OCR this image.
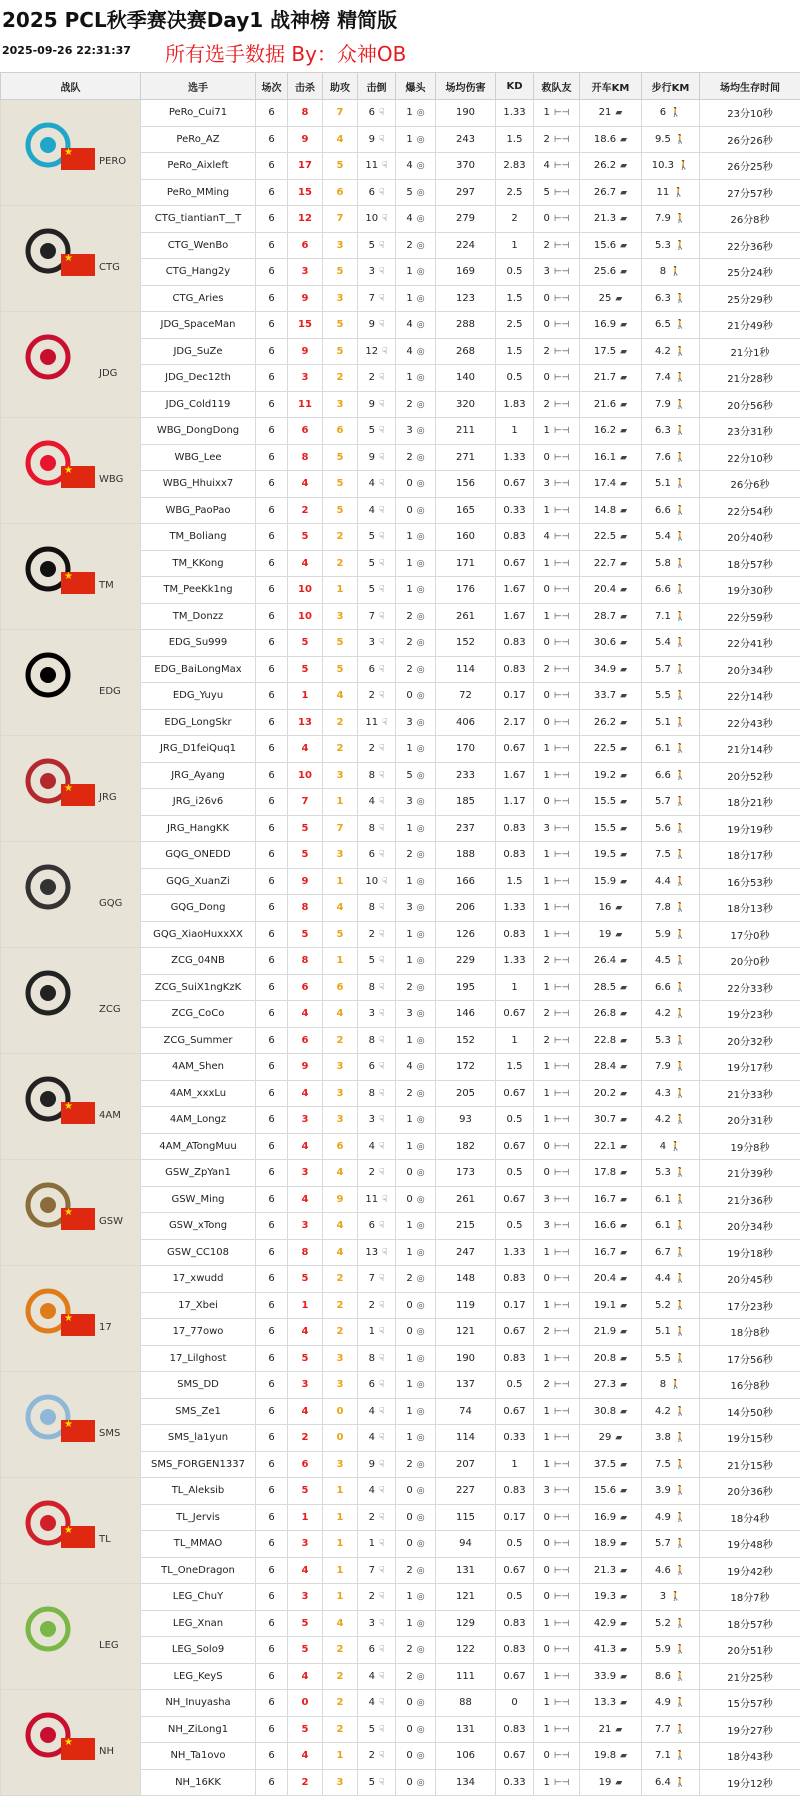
2025 PCL秋季赛决赛Day1 战神榜 精简版
2025-09-26 22:31:37 所有选手数据 By：众神OB
战队	选手	场次	击杀	助攻	击倒	爆头	场均伤害	KD	救队友	开车KM	步行KM	场均生存时间

★
PERO	PeRo_Cui71	6	8	7	6 ☟	1 ◎	190	1.33	1 ⊢⊣	21 ▰	6 🚶	23分10秒
	PeRo_AZ	6	9	4	9 ☟	1 ◎	243	1.5	2 ⊢⊣	18.6 ▰	9.5 🚶	26分26秒
	PeRo_Aixleft	6	17	5	11 ☟	4 ◎	370	2.83	4 ⊢⊣	26.2 ▰	10.3 🚶	26分25秒
	PeRo_MMing	6	15	6	6 ☟	5 ◎	297	2.5	5 ⊢⊣	26.7 ▰	11 🚶	27分57秒

★
CTG	CTG_tiantianT__T	6	12	7	10 ☟	4 ◎	279	2	0 ⊢⊣	21.3 ▰	7.9 🚶	26分8秒
	CTG_WenBo	6	6	3	5 ☟	2 ◎	224	1	2 ⊢⊣	15.6 ▰	5.3 🚶	22分36秒
	CTG_Hang2y	6	3	5	3 ☟	1 ◎	169	0.5	3 ⊢⊣	25.6 ▰	8 🚶	25分24秒
	CTG_Aries	6	9	3	7 ☟	1 ◎	123	1.5	0 ⊢⊣	25 ▰	6.3 🚶	25分29秒

JDG	JDG_SpaceMan	6	15	5	9 ☟	4 ◎	288	2.5	0 ⊢⊣	16.9 ▰	6.5 🚶	21分49秒
	JDG_SuZe	6	9	5	12 ☟	4 ◎	268	1.5	2 ⊢⊣	17.5 ▰	4.2 🚶	21分1秒
	JDG_Dec12th	6	3	2	2 ☟	1 ◎	140	0.5	0 ⊢⊣	21.7 ▰	7.4 🚶	21分28秒
	JDG_Cold119	6	11	3	9 ☟	2 ◎	320	1.83	2 ⊢⊣	21.6 ▰	7.9 🚶	20分56秒

★
WBG	WBG_DongDong	6	6	6	5 ☟	3 ◎	211	1	1 ⊢⊣	16.2 ▰	6.3 🚶	23分31秒
	WBG_Lee	6	8	5	9 ☟	2 ◎	271	1.33	0 ⊢⊣	16.1 ▰	7.6 🚶	22分10秒
	WBG_Hhuixx7	6	4	5	4 ☟	0 ◎	156	0.67	3 ⊢⊣	17.4 ▰	5.1 🚶	26分6秒
	WBG_PaoPao	6	2	5	4 ☟	0 ◎	165	0.33	1 ⊢⊣	14.8 ▰	6.6 🚶	22分54秒

★
TM	TM_Boliang	6	5	2	5 ☟	1 ◎	160	0.83	4 ⊢⊣	22.5 ▰	5.4 🚶	20分40秒
	TM_KKong	6	4	2	5 ☟	1 ◎	171	0.67	1 ⊢⊣	22.7 ▰	5.8 🚶	18分57秒
	TM_PeeKk1ng	6	10	1	5 ☟	1 ◎	176	1.67	0 ⊢⊣	20.4 ▰	6.6 🚶	19分30秒
	TM_Donzz	6	10	3	7 ☟	2 ◎	261	1.67	1 ⊢⊣	28.7 ▰	7.1 🚶	22分59秒

EDG	EDG_Su999	6	5	5	3 ☟	2 ◎	152	0.83	0 ⊢⊣	30.6 ▰	5.4 🚶	22分41秒
	EDG_BaiLongMax	6	5	5	6 ☟	2 ◎	114	0.83	2 ⊢⊣	34.9 ▰	5.7 🚶	20分34秒
	EDG_Yuyu	6	1	4	2 ☟	0 ◎	72	0.17	0 ⊢⊣	33.7 ▰	5.5 🚶	22分14秒
	EDG_LongSkr	6	13	2	11 ☟	3 ◎	406	2.17	0 ⊢⊣	26.2 ▰	5.1 🚶	22分43秒

★
JRG	JRG_D1feiQuq1	6	4	2	2 ☟	1 ◎	170	0.67	1 ⊢⊣	22.5 ▰	6.1 🚶	21分14秒
	JRG_Ayang	6	10	3	8 ☟	5 ◎	233	1.67	1 ⊢⊣	19.2 ▰	6.6 🚶	20分52秒
	JRG_i26v6	6	7	1	4 ☟	3 ◎	185	1.17	0 ⊢⊣	15.5 ▰	5.7 🚶	18分21秒
	JRG_HangKK	6	5	7	8 ☟	1 ◎	237	0.83	3 ⊢⊣	15.5 ▰	5.6 🚶	19分19秒

GQG	GQG_ONEDD	6	5	3	6 ☟	2 ◎	188	0.83	1 ⊢⊣	19.5 ▰	7.5 🚶	18分17秒
	GQG_XuanZi	6	9	1	10 ☟	1 ◎	166	1.5	1 ⊢⊣	15.9 ▰	4.4 🚶	16分53秒
	GQG_Dong	6	8	4	8 ☟	3 ◎	206	1.33	1 ⊢⊣	16 ▰	7.8 🚶	18分13秒
	GQG_XiaoHuxxXX	6	5	5	2 ☟	1 ◎	126	0.83	1 ⊢⊣	19 ▰	5.9 🚶	17分0秒

ZCG	ZCG_04NB	6	8	1	5 ☟	1 ◎	229	1.33	2 ⊢⊣	26.4 ▰	4.5 🚶	20分0秒
	ZCG_SuiX1ngKzK	6	6	6	8 ☟	2 ◎	195	1	1 ⊢⊣	28.5 ▰	6.6 🚶	22分33秒
	ZCG_CoCo	6	4	4	3 ☟	3 ◎	146	0.67	2 ⊢⊣	26.8 ▰	4.2 🚶	19分23秒
	ZCG_Summer	6	6	2	8 ☟	1 ◎	152	1	2 ⊢⊣	22.8 ▰	5.3 🚶	20分32秒

★
4AM	4AM_Shen	6	9	3	6 ☟	4 ◎	172	1.5	1 ⊢⊣	28.4 ▰	7.9 🚶	19分17秒
	4AM_xxxLu	6	4	3	8 ☟	2 ◎	205	0.67	1 ⊢⊣	20.2 ▰	4.3 🚶	21分33秒
	4AM_Longz	6	3	3	3 ☟	1 ◎	93	0.5	1 ⊢⊣	30.7 ▰	4.2 🚶	20分31秒
	4AM_ATongMuu	6	4	6	4 ☟	1 ◎	182	0.67	0 ⊢⊣	22.1 ▰	4 🚶	19分8秒

★
GSW	GSW_ZpYan1	6	3	4	2 ☟	0 ◎	173	0.5	0 ⊢⊣	17.8 ▰	5.3 🚶	21分39秒
	GSW_Ming	6	4	9	11 ☟	0 ◎	261	0.67	3 ⊢⊣	16.7 ▰	6.1 🚶	21分36秒
	GSW_xTong	6	3	4	6 ☟	1 ◎	215	0.5	3 ⊢⊣	16.6 ▰	6.1 🚶	20分34秒
	GSW_CC108	6	8	4	13 ☟	1 ◎	247	1.33	1 ⊢⊣	16.7 ▰	6.7 🚶	19分18秒

★
17	17_xwudd	6	5	2	7 ☟	2 ◎	148	0.83	0 ⊢⊣	20.4 ▰	4.4 🚶	20分45秒
	17_Xbei	6	1	2	2 ☟	0 ◎	119	0.17	1 ⊢⊣	19.1 ▰	5.2 🚶	17分23秒
	17_77owo	6	4	2	1 ☟	0 ◎	121	0.67	2 ⊢⊣	21.9 ▰	5.1 🚶	18分8秒
	17_Lilghost	6	5	3	8 ☟	1 ◎	190	0.83	1 ⊢⊣	20.8 ▰	5.5 🚶	17分56秒

★
SMS	SMS_DD	6	3	3	6 ☟	1 ◎	137	0.5	2 ⊢⊣	27.3 ▰	8 🚶	16分8秒
	SMS_Ze1	6	4	0	4 ☟	1 ◎	74	0.67	1 ⊢⊣	30.8 ▰	4.2 🚶	14分50秒
	SMS_la1yun	6	2	0	4 ☟	1 ◎	114	0.33	1 ⊢⊣	29 ▰	3.8 🚶	19分15秒
	SMS_FORGEN1337	6	6	3	9 ☟	2 ◎	207	1	1 ⊢⊣	37.5 ▰	7.5 🚶	21分15秒

★
TL	TL_Aleksib	6	5	1	4 ☟	0 ◎	227	0.83	3 ⊢⊣	15.6 ▰	3.9 🚶	20分36秒
	TL_Jervis	6	1	1	2 ☟	0 ◎	115	0.17	0 ⊢⊣	16.9 ▰	4.9 🚶	18分4秒
	TL_MMAO	6	3	1	1 ☟	0 ◎	94	0.5	0 ⊢⊣	18.9 ▰	5.7 🚶	19分48秒
	TL_OneDragon	6	4	1	7 ☟	2 ◎	131	0.67	0 ⊢⊣	21.3 ▰	4.6 🚶	19分42秒

LEG	LEG_ChuY	6	3	1	2 ☟	1 ◎	121	0.5	0 ⊢⊣	19.3 ▰	3 🚶	18分7秒
	LEG_Xnan	6	5	4	3 ☟	1 ◎	129	0.83	1 ⊢⊣	42.9 ▰	5.2 🚶	18分57秒
	LEG_Solo9	6	5	2	6 ☟	2 ◎	122	0.83	0 ⊢⊣	41.3 ▰	5.9 🚶	20分51秒
	LEG_KeyS	6	4	2	4 ☟	2 ◎	111	0.67	1 ⊢⊣	33.9 ▰	8.6 🚶	21分25秒

★
NH	NH_Inuyasha	6	0	2	4 ☟	0 ◎	88	0	1 ⊢⊣	13.3 ▰	4.9 🚶	15分57秒
	NH_ZiLong1	6	5	2	5 ☟	0 ◎	131	0.83	1 ⊢⊣	21 ▰	7.7 🚶	19分27秒
	NH_Ta1ovo	6	4	1	2 ☟	0 ◎	106	0.67	0 ⊢⊣	19.8 ▰	7.1 🚶	18分43秒
	NH_16KK	6	2	3	5 ☟	0 ◎	134	0.33	1 ⊢⊣	19 ▰	6.4 🚶	19分12秒
